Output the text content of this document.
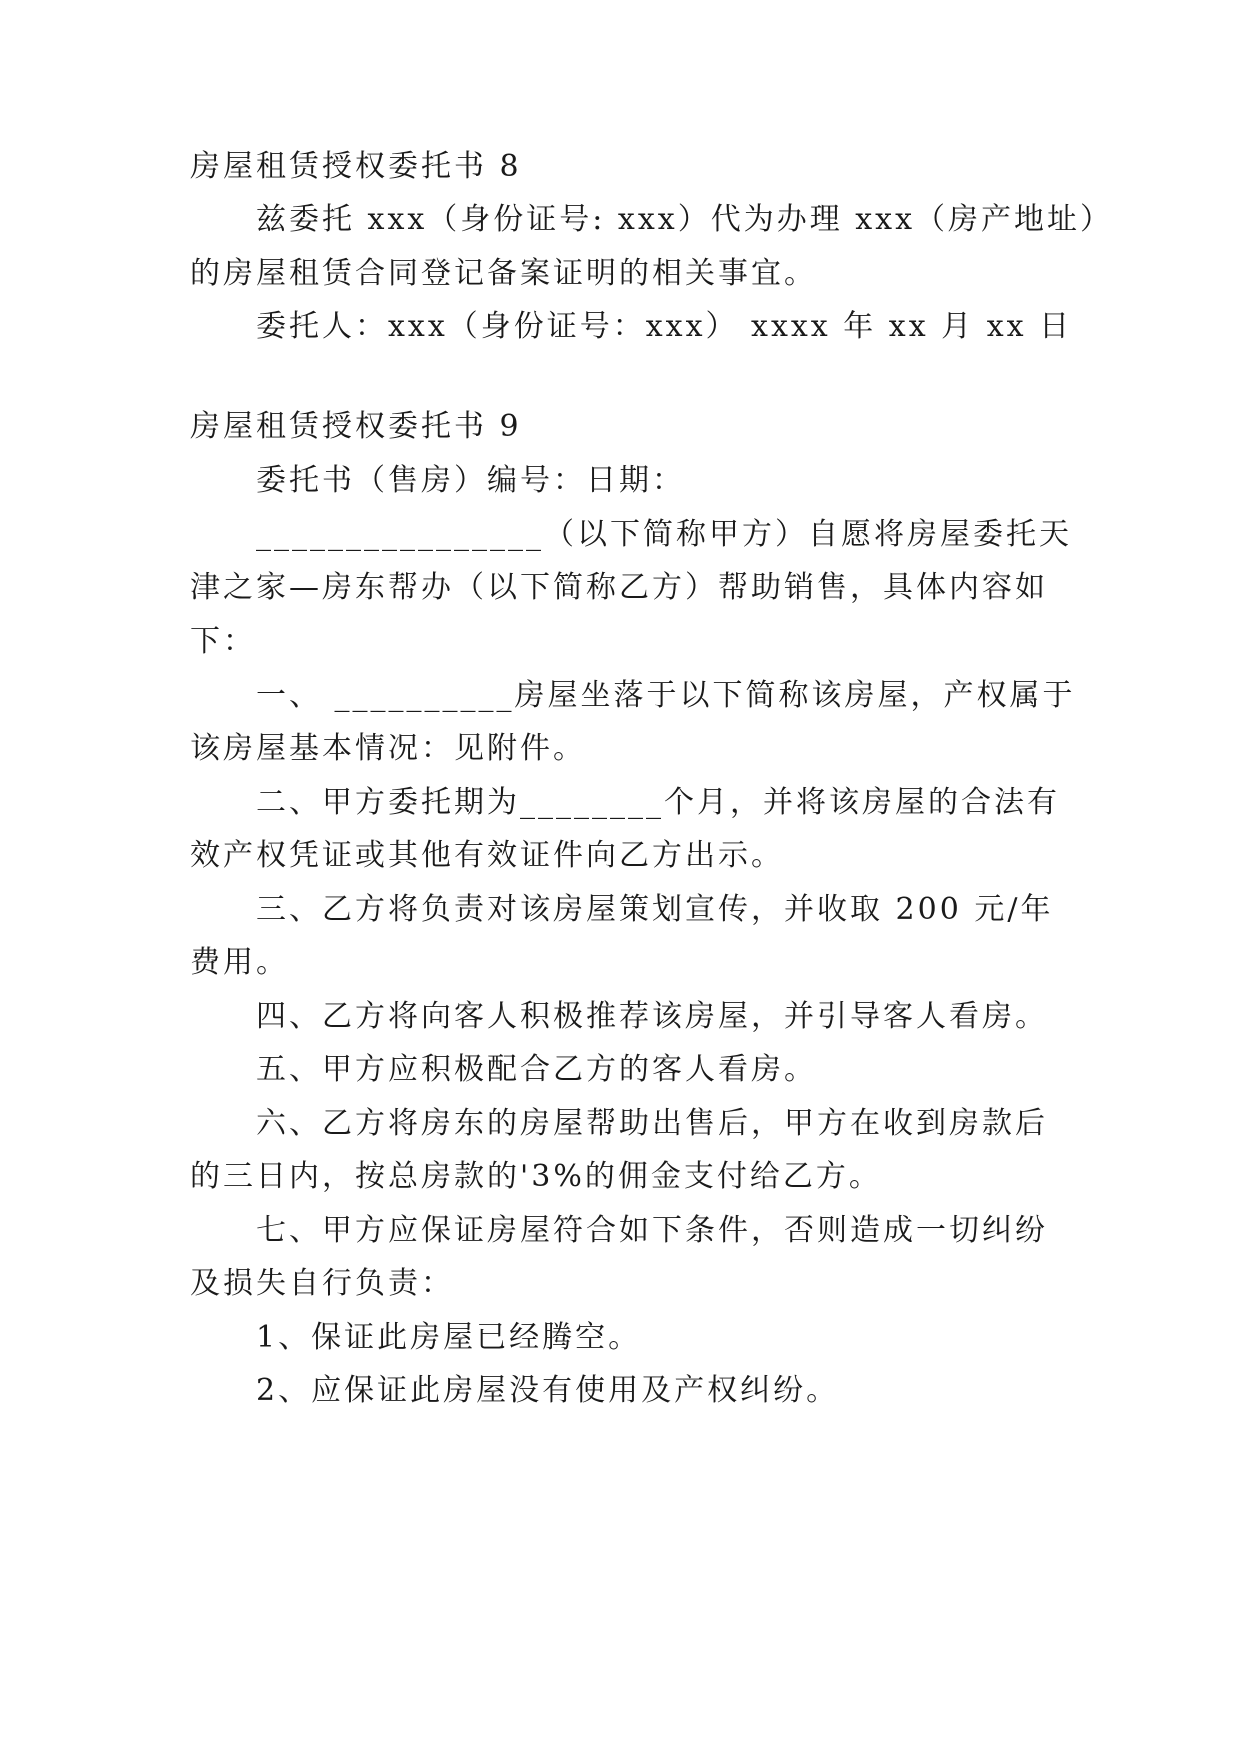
房屋租赁授权委托书 8
兹委托 xxx（身份证号: xxx）代为办理 xxx（房产地址）
的房屋租赁合同登记备案证明的相关事宜。
委托人：xxx（身份证号：xxx） xxxx 年 xx 月 xx 日
房屋租赁授权委托书 9
委托书（售房）编号：日期：
________________（以下简称甲方）自愿将房屋委托天
津之家—房东帮办（以下简称乙方）帮助销售，具体内容如
下：
一、 __________房屋坐落于以下简称该房屋，产权属于
该房屋基本情况：见附件。
二、甲方委托期为________个月，并将该房屋的合法有
效产权凭证或其他有效证件向乙方出示。
三、乙方将负责对该房屋策划宣传，并收取 200 元/年
费用。
四、乙方将向客人积极推荐该房屋，并引导客人看房。
五、甲方应积极配合乙方的客人看房。
六、乙方将房东的房屋帮助出售后，甲方在收到房款后
的三日内，按总房款的'3%的佣金支付给乙方。
七、甲方应保证房屋符合如下条件，否则造成一切纠纷
及损失自行负责：
1、保证此房屋已经腾空。
2、应保证此房屋没有使用及产权纠纷。
